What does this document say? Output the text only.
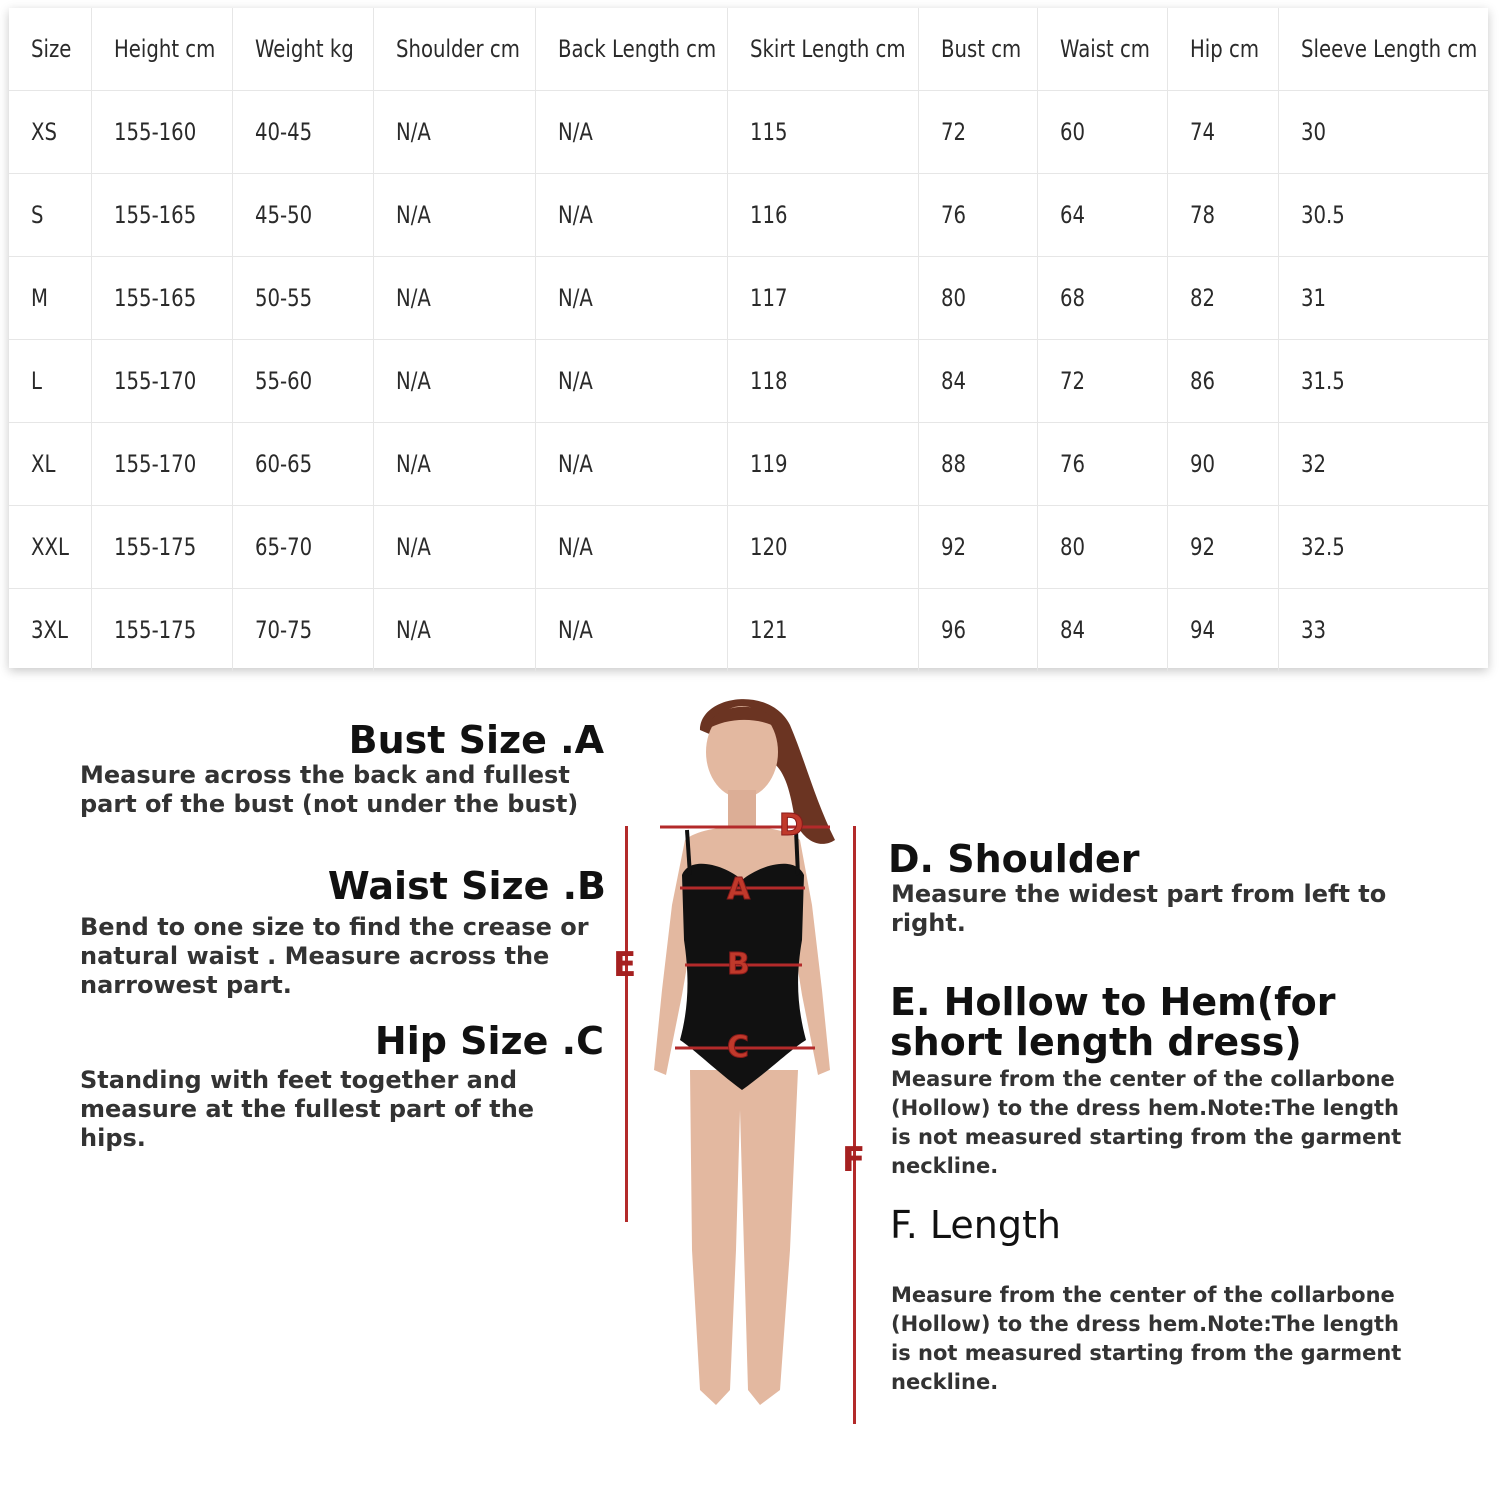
Size	Height cm	Weight kg	Shoulder cm	Back Length cm	Skirt Length cm	Bust cm	Waist cm	Hip cm	Sleeve Length cm
XS	155-160	40-45	N/A	N/A	115	72	60	74	30
S	155-165	45-50	N/A	N/A	116	76	64	78	30.5
M	155-165	50-55	N/A	N/A	117	80	68	82	31
L	155-170	55-60	N/A	N/A	118	84	72	86	31.5
XL	155-170	60-65	N/A	N/A	119	88	76	90	32
XXL	155-175	65-70	N/A	N/A	120	92	80	92	32.5
3XL	155-175	70-75	N/A	N/A	121	96	84	94	33
Bust Size .A
Measure across the back and fullest
part of the bust (not under the bust)
Waist Size .B
Bend to one size to find the crease or
natural waist . Measure across the
narrowest part.
Hip Size .C
Standing with feet together and
measure at the fullest part of the
hips.
D. Shoulder
Measure the widest part from left to
right.
E. Hollow to Hem(for
short length dress)
Measure from the center of the collarbone
(Hollow) to the dress hem.Note:The length
is not measured starting from the garment
neckline.
F. Length
Measure from the center of the collarbone
(Hollow) to the dress hem.Note:The length
is not measured starting from the garment
neckline.
D
A
B
C
E
F
